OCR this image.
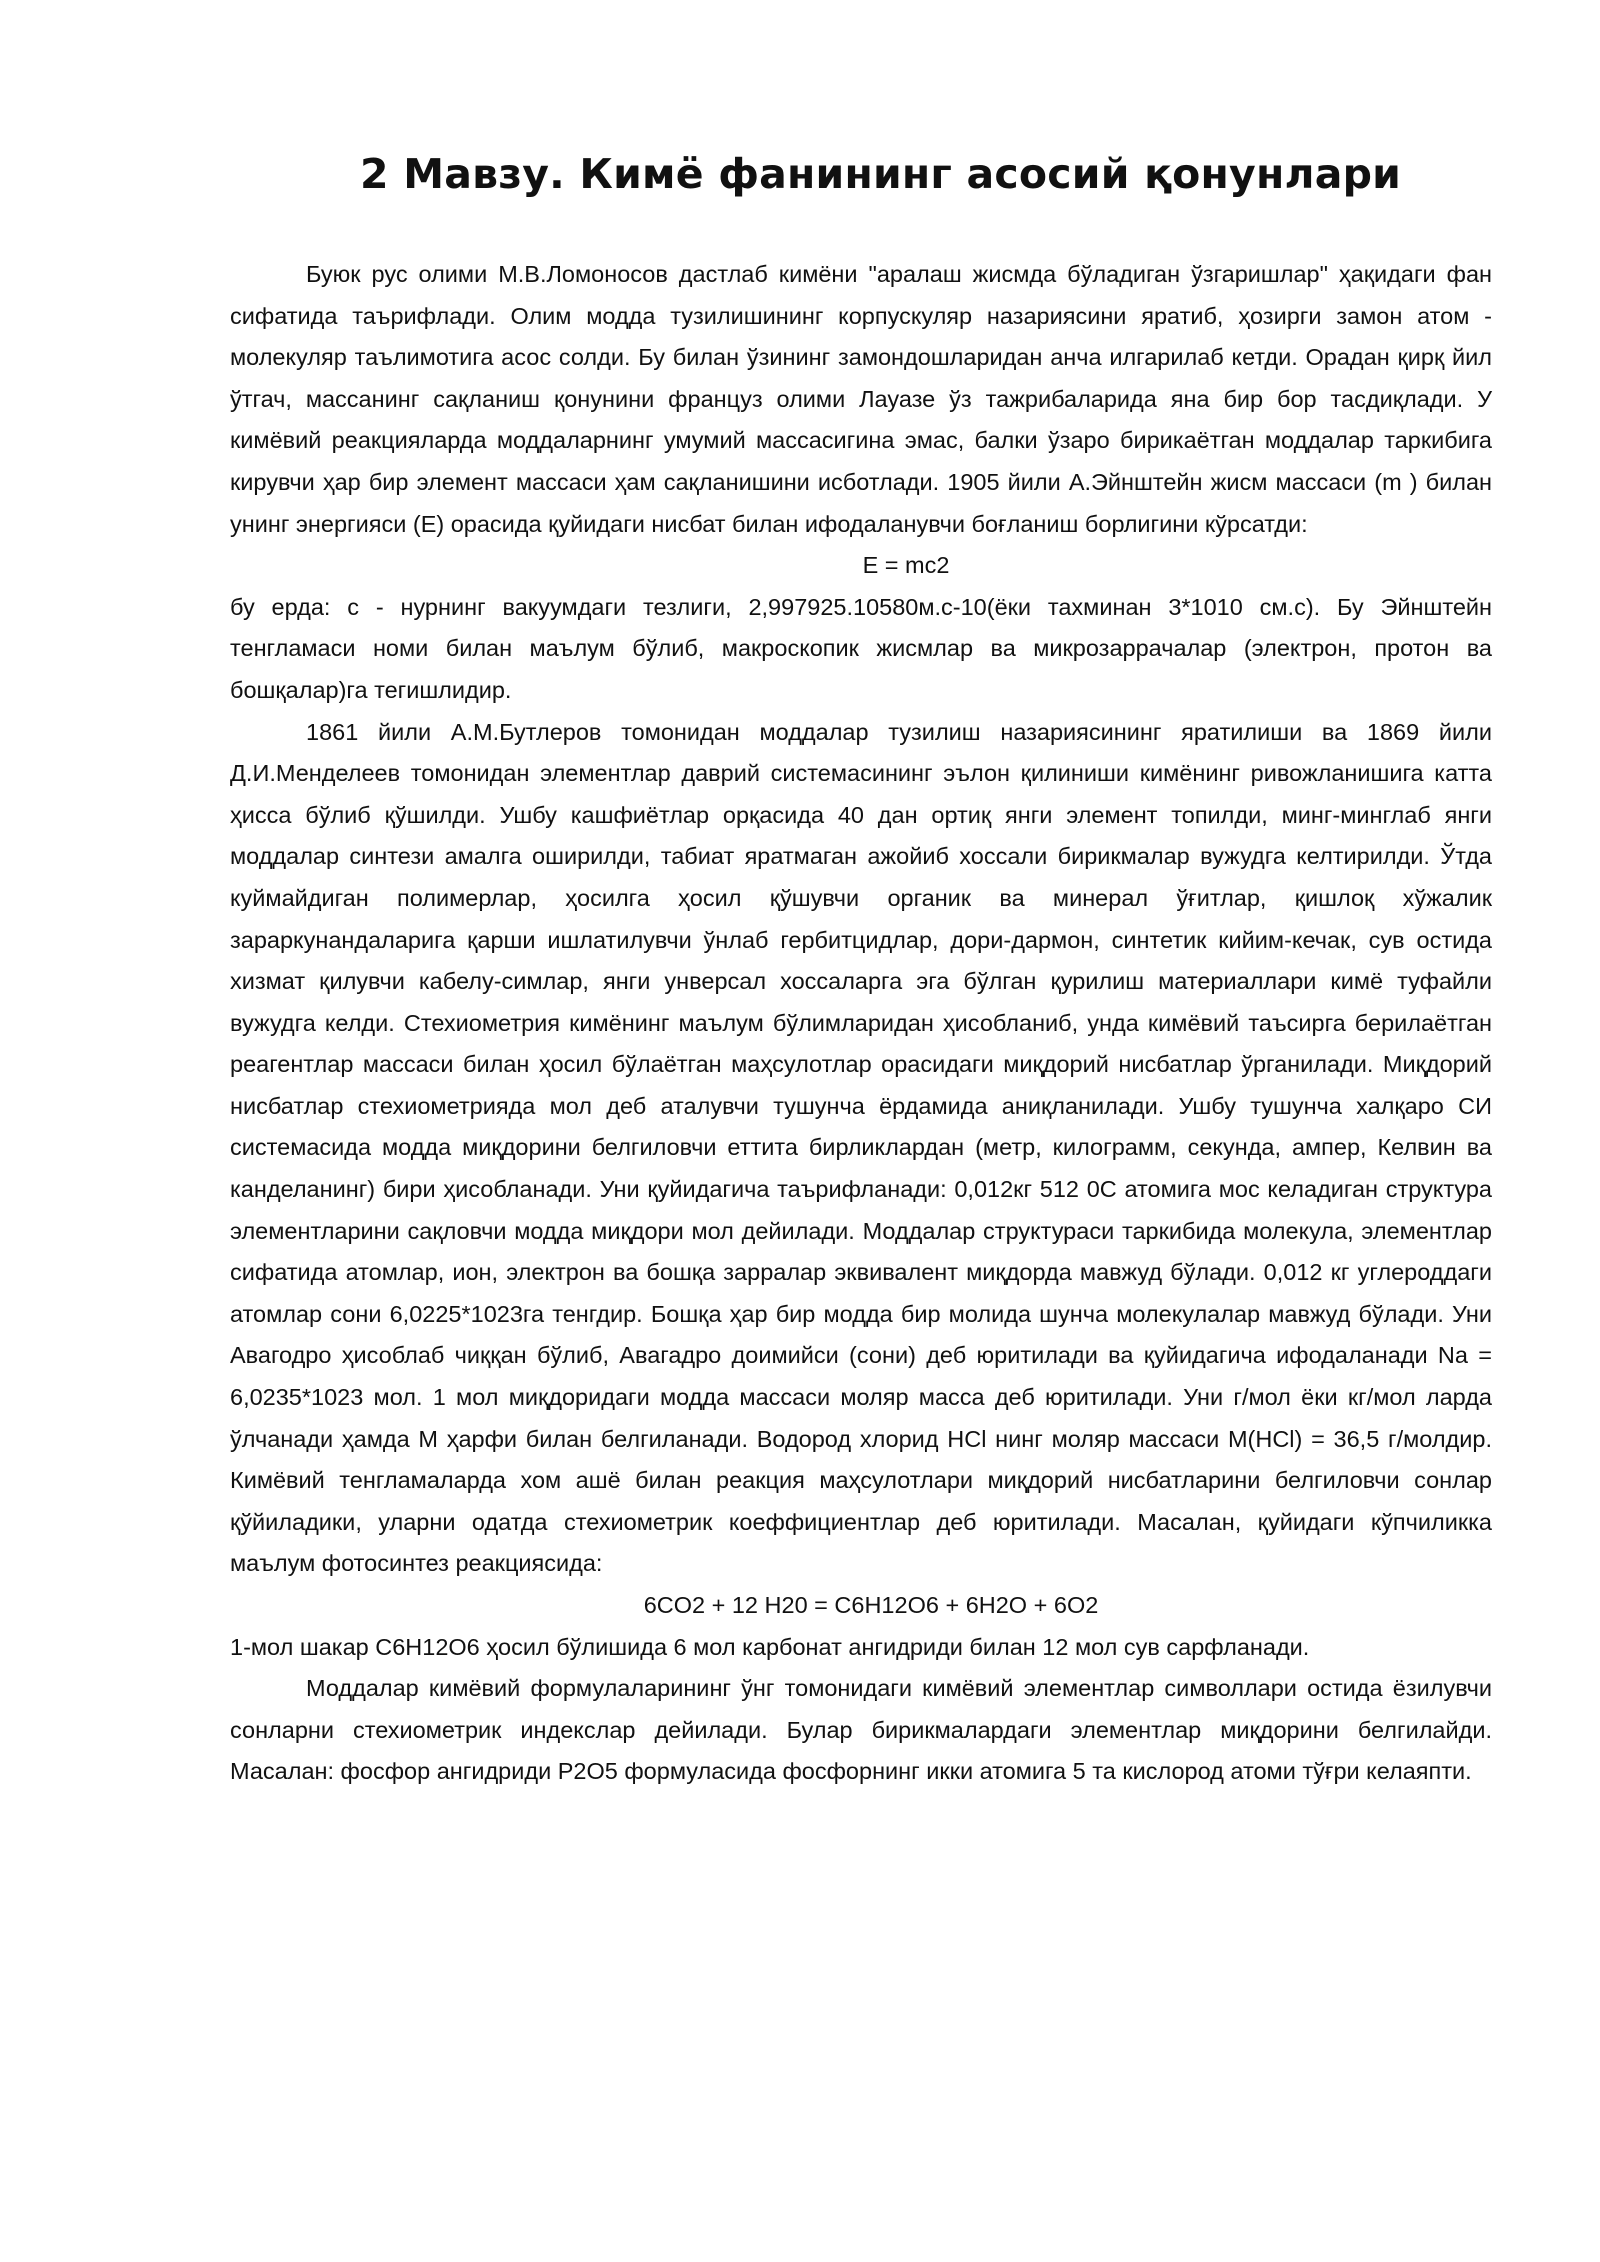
2 Мавзу. Кимё фанининг асосий қонунлари

Буюк рус олими М.В.Ломоносов дастлаб кимёни "аралаш жисмда бўладиган ўзгаришлар" ҳақидаги фан сифатида таърифлади. Олим модда тузилишининг корпускуляр назариясини яратиб, ҳозирги замон атом - молекуляр таълимотига асос солди. Бу билан ўзининг замондошларидан анча илгарилаб кетди. Орадан қирқ йил ўтгач, массанинг сақланиш қонунини француз олими Лауазе ўз тажрибаларида яна бир бор тасдиқлади. У кимёвий реакцияларда моддаларнинг умумий массасигина эмас, балки ўзаро бирикаётган моддалар таркибига кирувчи ҳар бир элемент массаси ҳам сақланишини исботлади. 1905 йили А.Эйнштейн жисм массаси (m ) билан унинг энергияси (E) орасида қуйидаги нисбат билан ифодаланувчи боғланиш борлигини кўрсатди:

E = mc2

бу ерда: c - нурнинг вакуумдаги тезлиги, 2,997925.10580м.с-10(ёки тахминан 3*1010 см.с). Бу Эйнштейн тенгламаси номи билан маълум бўлиб, макроскопик жисмлар ва микрозаррачалар (электрон, протон ва бошқалар)га тегишлидир.

1861 йили А.М.Бутлеров томонидан моддалар тузилиш назариясининг яратилиши ва 1869 йили Д.И.Менделеев томонидан элементлар даврий системасининг эълон қилиниши кимёнинг ривожланишига катта ҳисса бўлиб қўшилди. Ушбу кашфиётлар орқасида 40 дан ортиқ янги элемент топилди, минг-минглаб янги моддалар синтези амалга оширилди, табиат яратмаган ажойиб хоссали бирикмалар вужудга келтирилди. Ўтда куймайдиган полимерлар, ҳосилга ҳосил қўшувчи органик ва минерал ўғитлар, қишлоқ хўжалик зараркунандаларига қарши ишлатилувчи ўнлаб гербитцидлар, дори-дармон, синтетик кийим-кечак, сув остида хизмат қилувчи кабелу-симлар, янги унверсал хоссаларга эга бўлган қурилиш материаллари кимё туфайли вужудга келди. Стехиометрия кимёнинг маълум бўлимларидан ҳисобланиб, унда кимёвий таъсирга берилаётган реагентлар массаси билан ҳосил бўлаётган маҳсулотлар орасидаги миқдорий нисбатлар ўрганилади. Миқдорий нисбатлар стехиометрияда мол деб аталувчи тушунча ёрдамида аниқланилади. Ушбу тушунча халқаро СИ системасида модда миқдорини белгиловчи еттита бирликлардан (метр, килограмм, секунда, ампер, Келвин ва канделанинг) бири ҳисобланади. Уни қуйидагича таърифланади: 0,012кг 512 0С атомига мос келадиган структура элементларини сақловчи модда миқдори мол дейилади. Моддалар структураси таркибида молекула, элементлар сифатида атомлар, ион, электрон ва бошқа зарралар эквивалент миқдорда мавжуд бўлади. 0,012 кг углероддаги атомлар сони 6,0225*1023га тенгдир. Бошқа ҳар бир модда бир молида шунча молекулалар мавжуд бўлади. Уни Авагодро ҳисоблаб чиққан бўлиб, Авагадро доимийси (сони) деб юритилади ва қуйидагича ифодаланади Na = 6,0235*1023 мол. 1 мол миқдоридаги модда массаси моляр масса деб юритилади. Уни г/мол ёки кг/мол ларда ўлчанади ҳамда М ҳарфи билан белгиланади. Водород хлорид HCl нинг моляр массаси М(HCl) = 36,5 г/молдир. Кимёвий тенгламаларда хом ашё билан реакция маҳсулотлари миқдорий нисбатларини белгиловчи сонлар қўйиладики, уларни одатда стехиометрик коеффициентлар деб юритилади. Масалан, қуйидаги кўпчиликка маълум фотосинтез реакциясида:

6CO2 + 12 H20 = C6H12O6 + 6H2O + 6O2

1-мол шакар C6H12O6 ҳосил бўлишида 6 мол карбонат ангидриди билан 12 мол сув сарфланади.

Моддалар кимёвий формулаларининг ўнг томонидаги кимёвий элементлар символлари остида ёзилувчи сонларни стехиометрик индекслар дейилади. Булар бирикмалардаги элементлар миқдорини белгилайди. Масалан: фосфор ангидриди P2O5 формуласида фосфорнинг икки атомига 5 та кислород атоми тўғри келаяпти.
